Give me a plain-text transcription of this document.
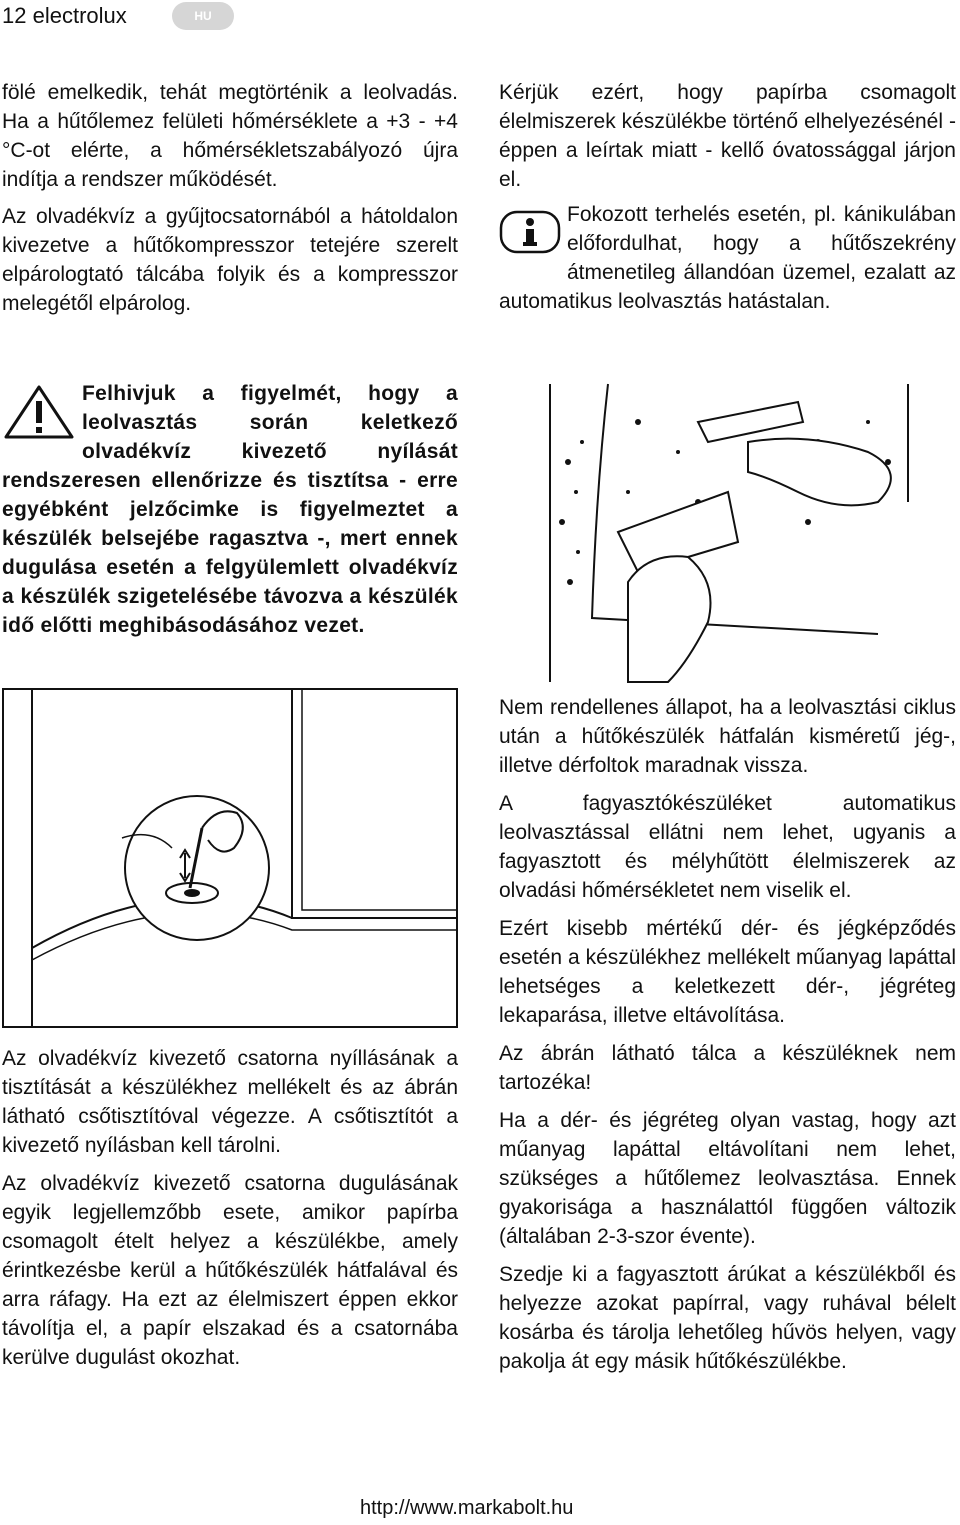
12 electrolux	HU

fölé emelkedik, tehát megtörténik a leolvadás. Ha a hűtőlemez felületi hőmérséklete a +3 - +4 °C-ot elérte, a hőmérsékletszabályozó újra indítja a rendszer működését.

Az olvadékvíz a gyűjtocsatornából a hátoldalon kivezetve a hűtőkompresszor tetejére szerelt elpárologtató tálcába folyik és a kompresszor melegétől elpárolog.

Felhivjuk a figyelmét, hogy a leolvasztás során keletkező olvadékvíz kivezető nyílását rendszeresen ellenőrizze és tisztítsa - erre egyébként jelzőcimke is figyelmeztet a készülék belsejébe ragasztva -, mert ennek dugulása esetén a felgyülemlett olvadékvíz a készülék szigetelésébe távozva a készülék idő előtti meghibásodásához vezet.

Az olvadékvíz kivezető csatorna nyíllásának a tisztítását a készülékhez mellékelt és az ábrán látható csőtisztítóval végezze. A csőtisztítót a kivezető nyílásban kell tárolni.

Az olvadékvíz kivezető csatorna dugulásának egyik legjellemzőbb esete, amikor papírba csomagolt ételt helyez a készülékbe, amely érintkezésbe kerül a hűtőkészülék hátfalával és arra ráfagy. Ha ezt az élelmiszert éppen ekkor távolítja el, a papír elszakad és a csatornába kerülve dugulást okozhat.

Kérjük ezért, hogy papírba csomagolt élelmiszerek készülékbe történő elhelyezésénél - éppen a leírtak miatt - kellő óvatossággal járjon el.

Fokozott terhelés esetén, pl. kánikulában előfordulhat, hogy a hűtőszekrény átmenetileg állandóan üzemel, ezalatt az automatikus leolvasztás hatástalan.

Nem rendellenes állapot, ha a leolvasztási ciklus után a hűtőkészülék hátfalán kisméretű jég-, illetve dérfoltok maradnak vissza.

A fagyasztókészüléket automatikus leolvasztással ellátni nem lehet, ugyanis a fagyasztott és mélyhűtött élelmiszerek az olvadási hőmérsékletet nem viselik el.

Ezért kisebb mértékű dér- és jégképződés esetén a készülékhez mellékelt műanyag lapáttal lehetséges a keletkezett dér-, jégréteg lekaparása, illetve eltávolítása.

Az ábrán látható tálca a készüléknek nem tartozéka!

Ha a dér- és jégréteg olyan vastag, hogy azt műanyag lapáttal eltávolítani nem lehet, szükséges a hűtőlemez leolvasztása. Ennek gyakorisága a használattól függően változik (általában 2-3-szor évente).

Szedje ki a fagyasztott árúkat a készülékből és helyezze azokat papírral, vagy ruhával bélelt kosárba és tárolja lehetőleg hűvös helyen, vagy pakolja át egy másik hűtőkészülékbe.

http://www.markabolt.hu
